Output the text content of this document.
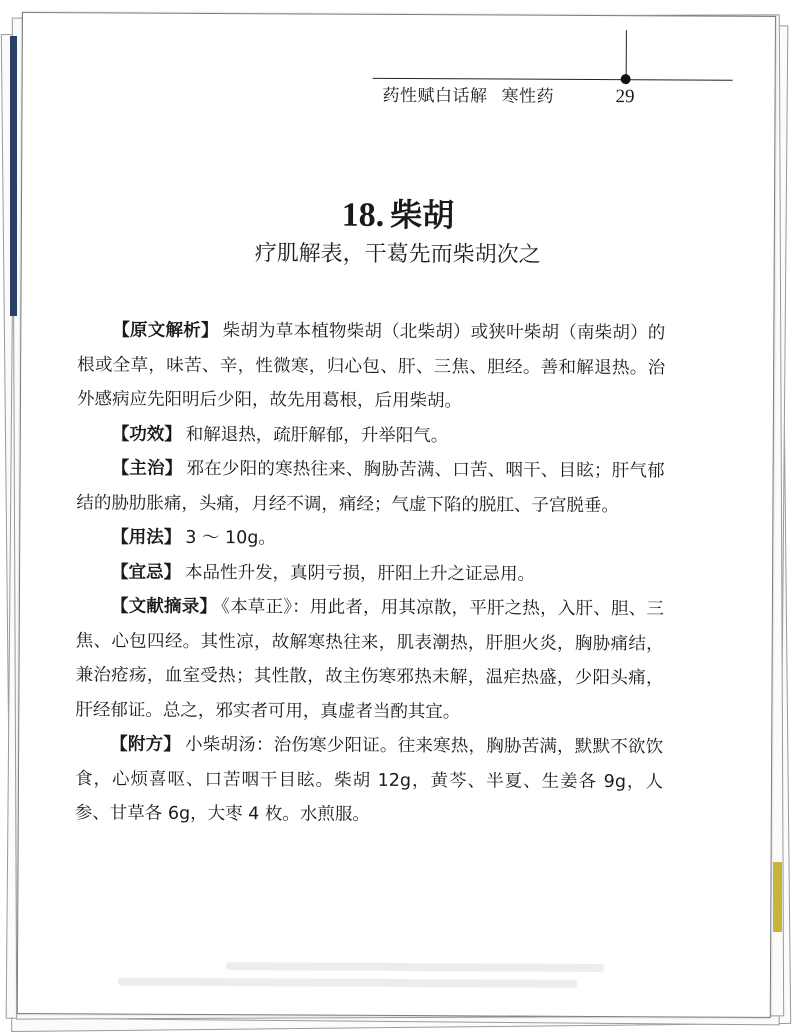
药性赋白话解 寒性药	29
18. 柴胡
疗肌解表，干葛先而柴胡次之

【原文解析】 柴胡为草本植物柴胡（北柴胡）或狭叶柴胡（南柴胡）的根或全草，味苦、辛，性微寒，归心包、肝、三焦、胆经。善和解退热。治外感病应先阳明后少阳，故先用葛根，后用柴胡。

【功效】 和解退热，疏肝解郁，升举阳气。

【主治】 邪在少阳的寒热往来、胸胁苦满、口苦、咽干、目眩；肝气郁结的胁肋胀痛，头痛，月经不调，痛经；气虚下陷的脱肛、子宫脱垂。

【用法】 3 ～ 10g。

【宜忌】 本品性升发，真阴亏损，肝阳上升之证忌用。

【文献摘录】 《本草正》：用此者，用其凉散，平肝之热，入肝、胆、三焦、心包四经。其性凉，故解寒热往来，肌表潮热，肝胆火炎，胸胁痛结，兼治疮疡，血室受热；其性散，故主伤寒邪热未解，温疟热盛，少阳头痛，肝经郁证。总之，邪实者可用，真虚者当酌其宜。

【附方】 小柴胡汤：治伤寒少阳证。往来寒热，胸胁苦满，默默不欲饮食，心烦喜呕、口苦咽干目眩。柴胡 12g，黄芩、半夏、生姜各 9g，人参、甘草各 6g，大枣 4 枚。水煎服。
